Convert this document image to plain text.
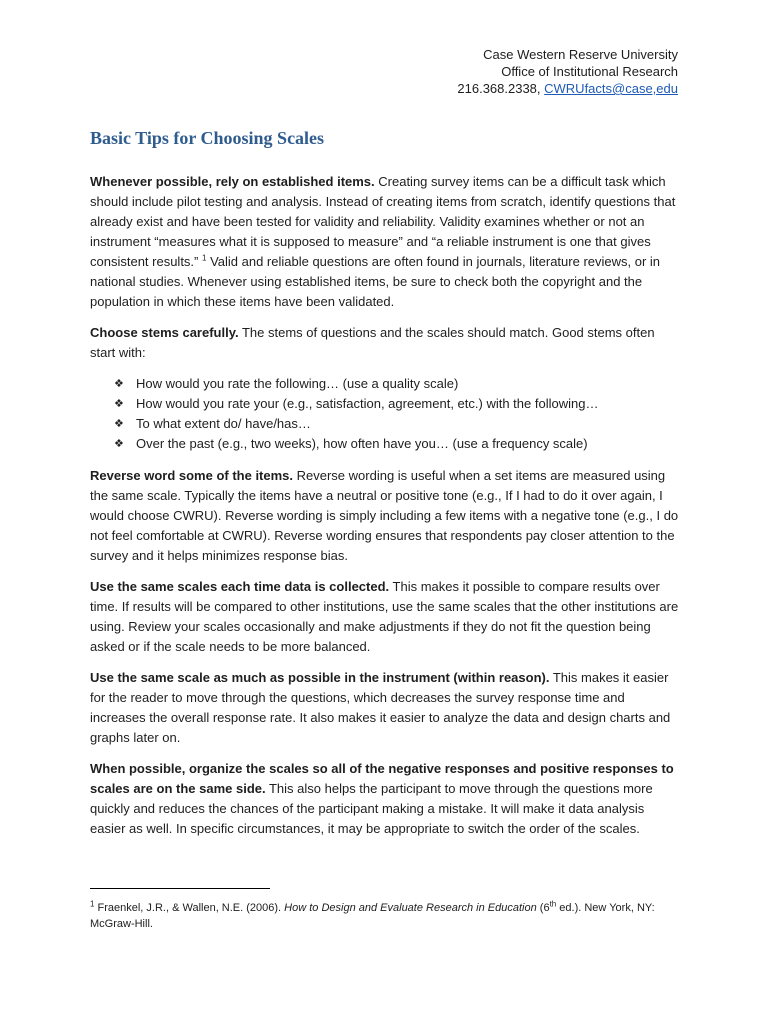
Case Western Reserve University
Office of Institutional Research
216.368.2338, CWRUfacts@case,edu
Basic Tips for Choosing Scales

Whenever possible, rely on established items. Creating survey items can be a difficult task which should include pilot testing and analysis. Instead of creating items from scratch, identify questions that already exist and have been tested for validity and reliability. Validity examines whether or not an instrument “measures what it is supposed to measure” and “a reliable instrument is one that gives consistent results.” $^1$ Valid and reliable questions are often found in journals, literature reviews, or in national studies. Whenever using established items, be sure to check both the copyright and the population in which these items have been validated.

Choose stems carefully. The stems of questions and the scales should match. Good stems often start with:

❖ How would you rate the following… (use a quality scale)
❖ How would you rate your (e.g., satisfaction, agreement, etc.) with the following…
❖ To what extent do/ have/has…
❖ Over the past (e.g., two weeks), how often have you… (use a frequency scale)

Reverse word some of the items. Reverse wording is useful when a set items are measured using the same scale. Typically the items have a neutral or positive tone (e.g., If I had to do it over again, I would choose CWRU). Reverse wording is simply including a few items with a negative tone (e.g., I do not feel comfortable at CWRU). Reverse wording ensures that respondents pay closer attention to the survey and it helps minimizes response bias.

Use the same scales each time data is collected. This makes it possible to compare results over time. If results will be compared to other institutions, use the same scales that the other institutions are using. Review your scales occasionally and make adjustments if they do not fit the question being asked or if the scale needs to be more balanced.

Use the same scale as much as possible in the instrument (within reason). This makes it easier for the reader to move through the questions, which decreases the survey response time and increases the overall response rate. It also makes it easier to analyze the data and design charts and graphs later on.

When possible, organize the scales so all of the negative responses and positive responses to scales are on the same side. This also helps the participant to move through the questions more quickly and reduces the chances of the participant making a mistake. It will make it data analysis easier as well. In specific circumstances, it may be appropriate to switch the order of the scales.

$^1$ Fraenkel, J.R., & Wallen, N.E. (2006). How to Design and Evaluate Research in Education (6th ed.). New York, NY: McGraw-Hill.
